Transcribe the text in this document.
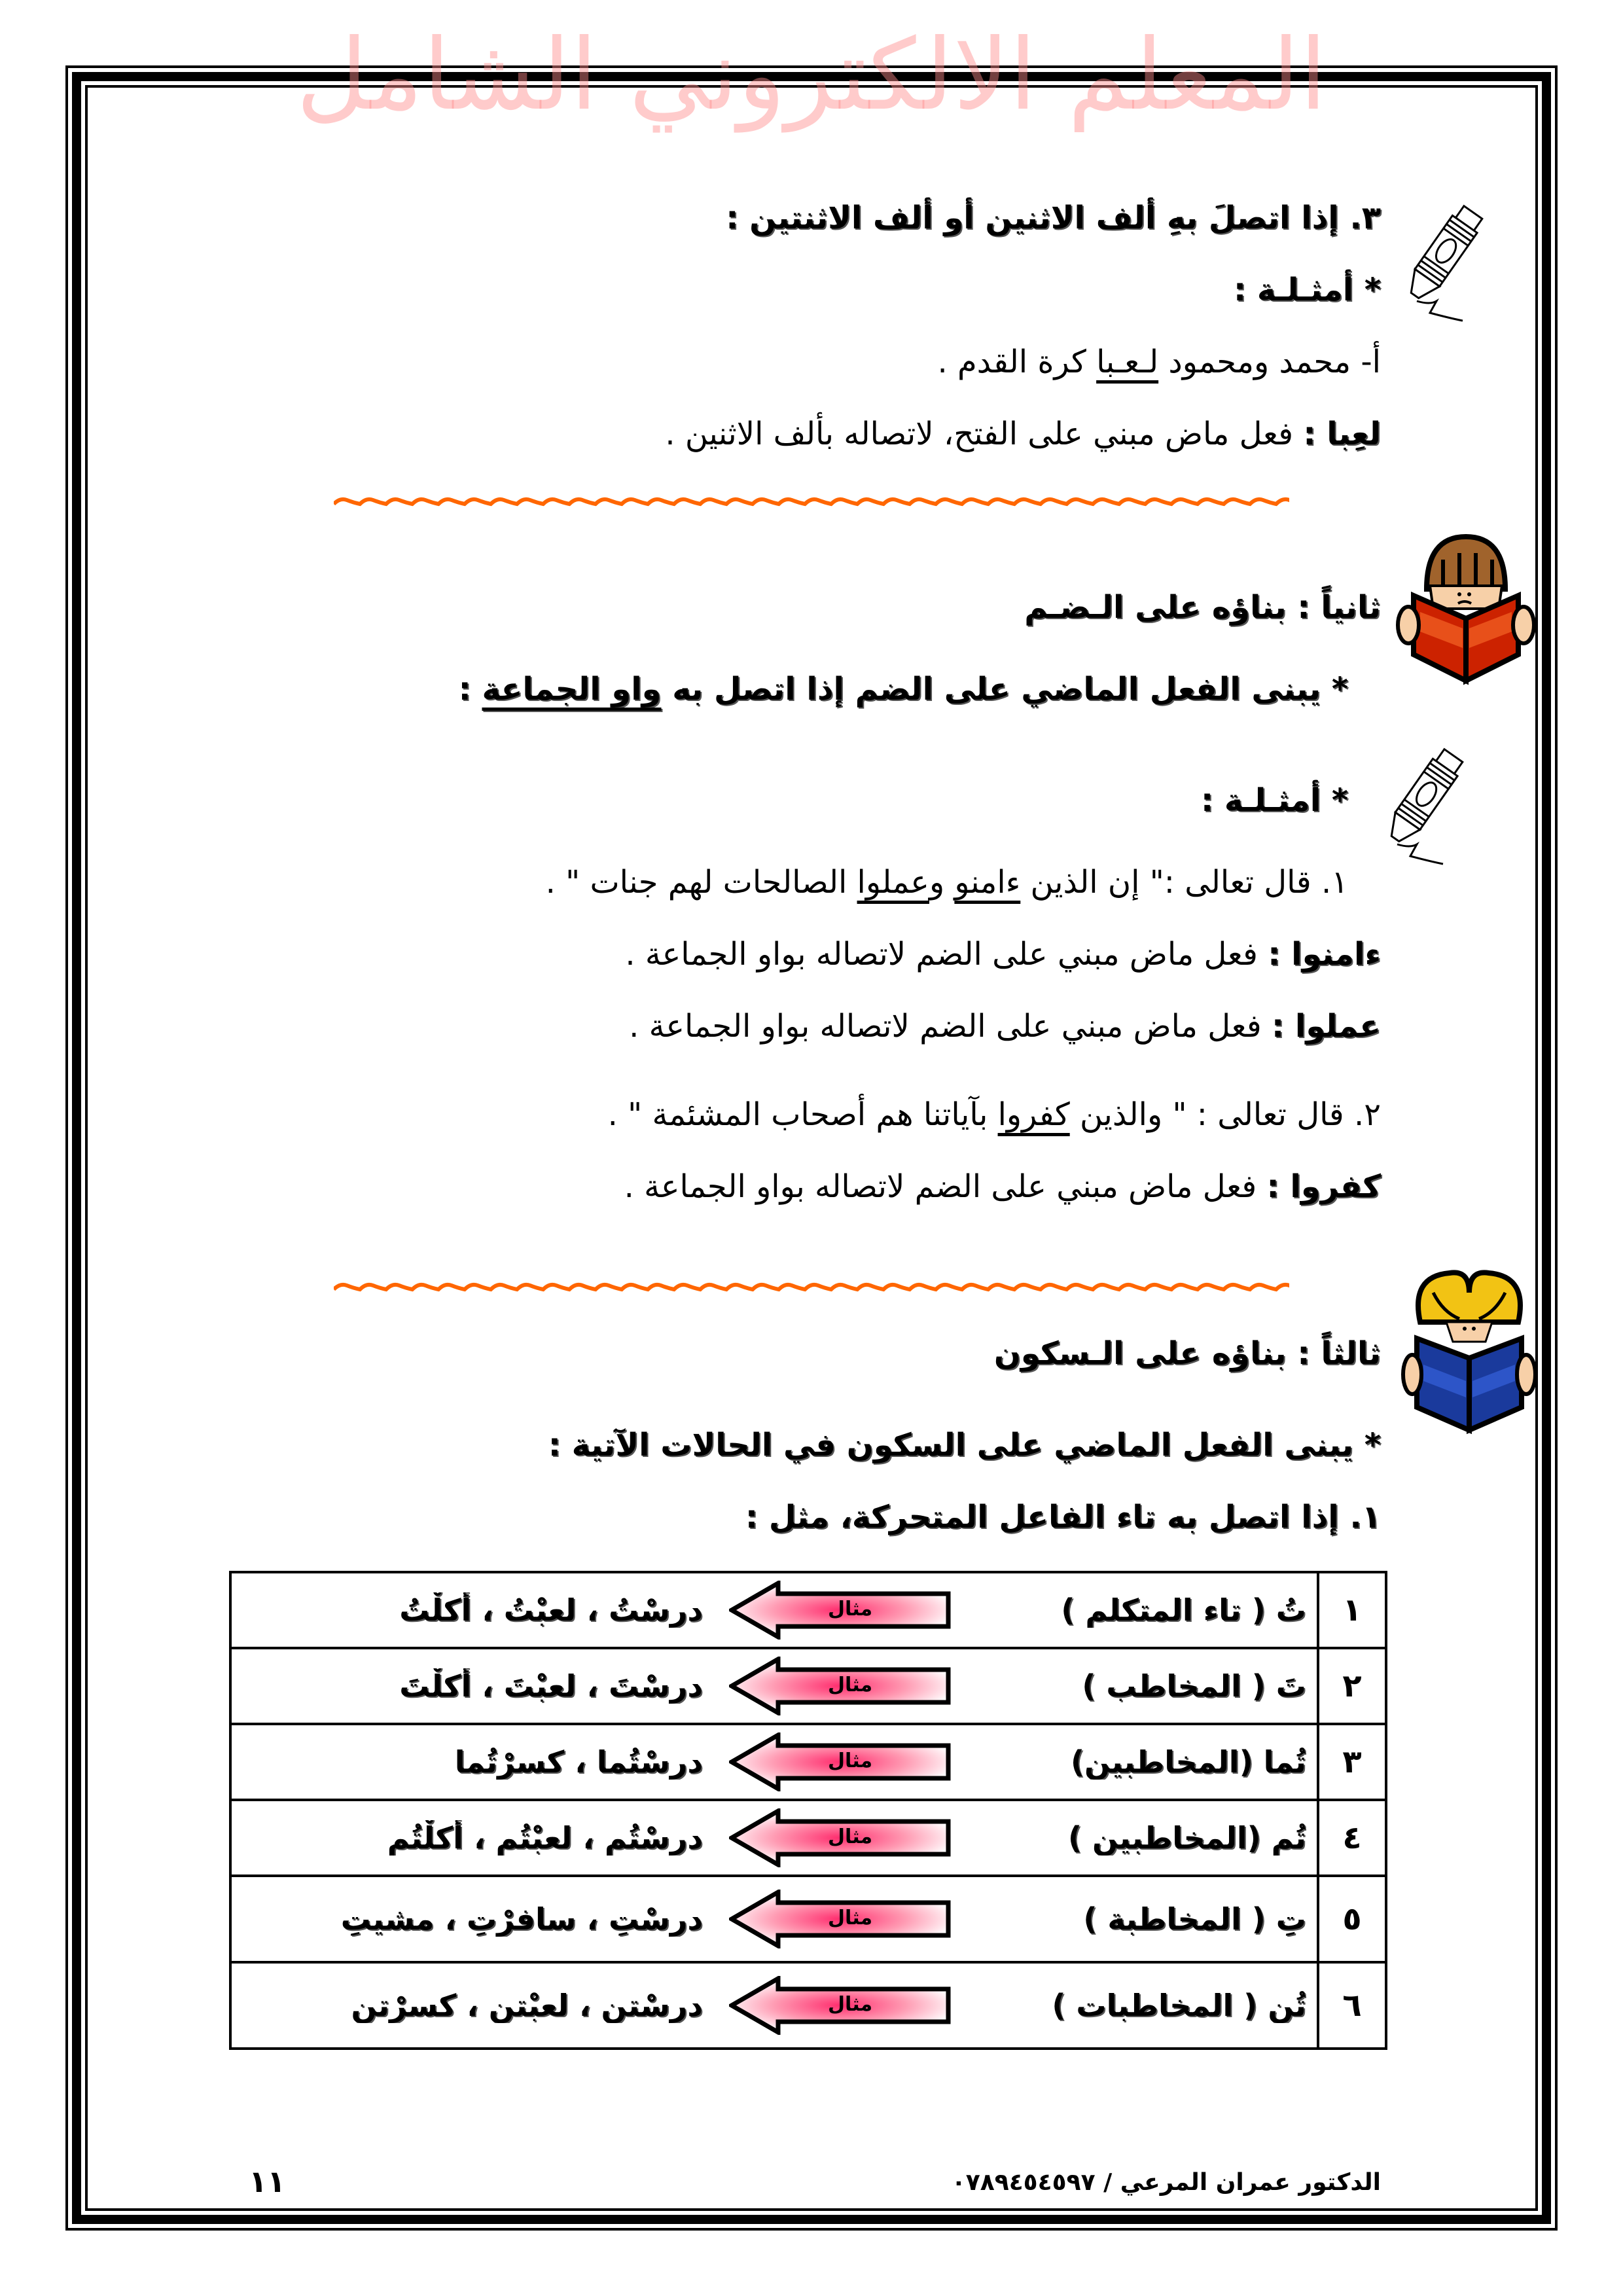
المعلم الالكتروني الشامل
٣. إذا اتصلَ بهِ ألف الاثنين أو ألف الاثنتين :
* أمثـلـة :
أ- محمد ومحمود لـعـبا كرة القدم .
لعِبا : فعل ماض مبني على الفتح، لاتصاله بألف الاثنين .
ثانياً : بناؤه على الـضـم
* يبنى الفعل الماضي على الضم إذا اتصل به واو الجماعة :
* أمثـلـة :
١. قال تعالى :" إن الذين ءامنو وعملوا الصالحات لهم جنات " .
ءامنوا : فعل ماض مبني على الضم لاتصاله بواو الجماعة .
عملوا : فعل ماض مبني على الضم لاتصاله بواو الجماعة .
٢. قال تعالى : " والذين كفروا بآياتنا هم أصحاب المشئمة " .
كفروا : فعل ماض مبني على الضم لاتصاله بواو الجماعة .
ثالثاً : بناؤه على الـسكون
* يبنى الفعل الماضي على السكون في الحالات الآتية :
١. إذا اتصل به تاء الفاعل المتحركة، مثل :
درسْتُ ، لعبْتُ ، أكلْتُ مثال تُ ( تاء المتكلم )	١

درسْتَ ، لعبْتَ ، أكلْتَ مثال تَ ( المخاطب )	٢

درسْتُما ، كسرْتُما مثال تُما (المخاطبين)	٣

درسْتُم ، لعبْتُم ، أكلْتُم مثال تُم (المخاطبين )	٤

درسْتِ ، سافرْتِ ، مشيتِ مثال تِ ( المخاطبة )	٥

درسْتن ، لعبْتن ، كسرْتن مثال تُن ( المخاطبات )	٦
الدكتور عمران المرعي / ٠٧٨٩٤٥٤٥٩٧
١١
